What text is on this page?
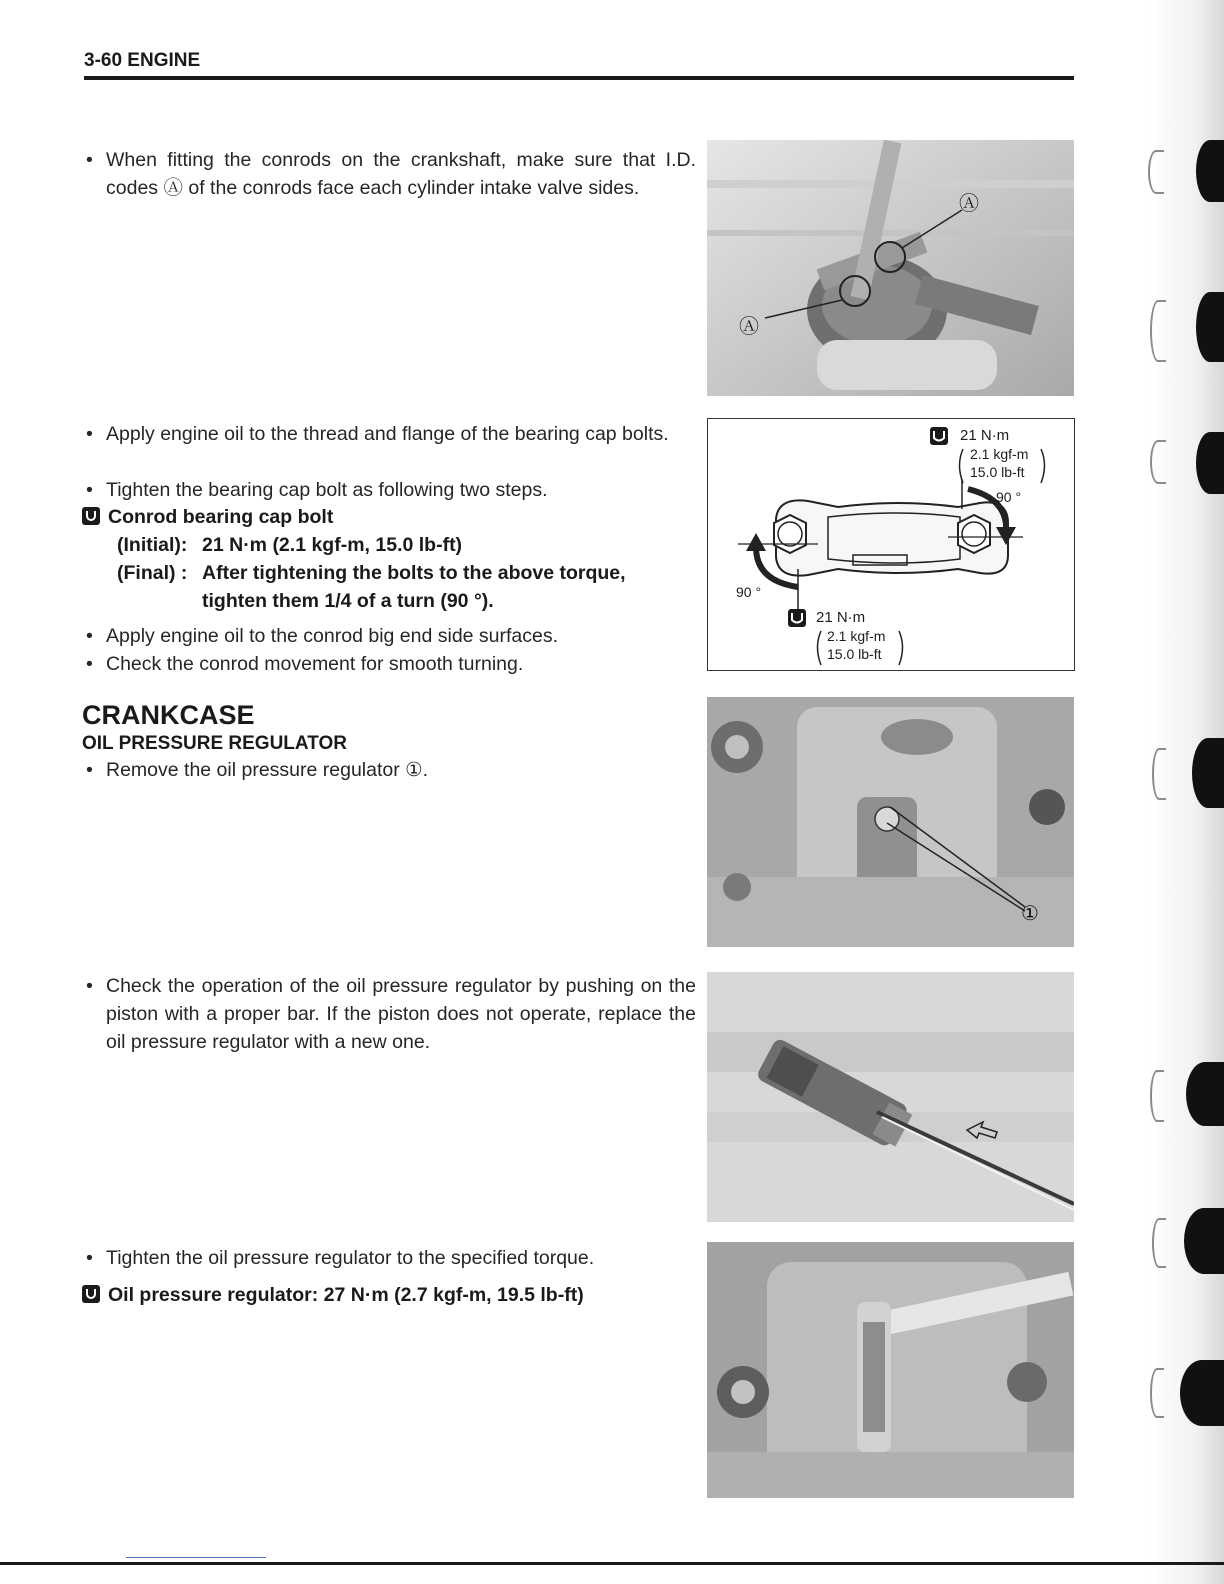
3-60 ENGINE
• When fitting the conrods on the crankshaft, make sure that I.D. codes Ⓐ of the conrods face each cylinder intake valve sides.
Ⓐ
Ⓐ
• Apply engine oil to the thread and flange of the bearing cap bolts.
• Tighten the bearing cap bolt as following two steps.
Conrod bearing cap bolt
(Initial): 21 N·m (2.1 kgf-m, 15.0 lb-ft)
(Final) : After tightening the bolts to the above torque,
tighten them 1/4 of a turn (90 °).
• Apply engine oil to the conrod big end side surfaces.
• Check the conrod movement for smooth turning.
21 N·m
2.1 kgf-m
15.0 lb-ft
90 °
90 °
21 N·m
2.1 kgf-m
15.0 lb-ft
CRANKCASE
OIL PRESSURE REGULATOR
• Remove the oil pressure regulator ①.
①
• Check the operation of the oil pressure regulator by pushing on the piston with a proper bar. If the piston does not operate, replace the oil pressure regulator with a new one.
• Tighten the oil pressure regulator to the specified torque.
Oil pressure regulator: 27 N·m (2.7 kgf-m, 19.5 lb-ft)
